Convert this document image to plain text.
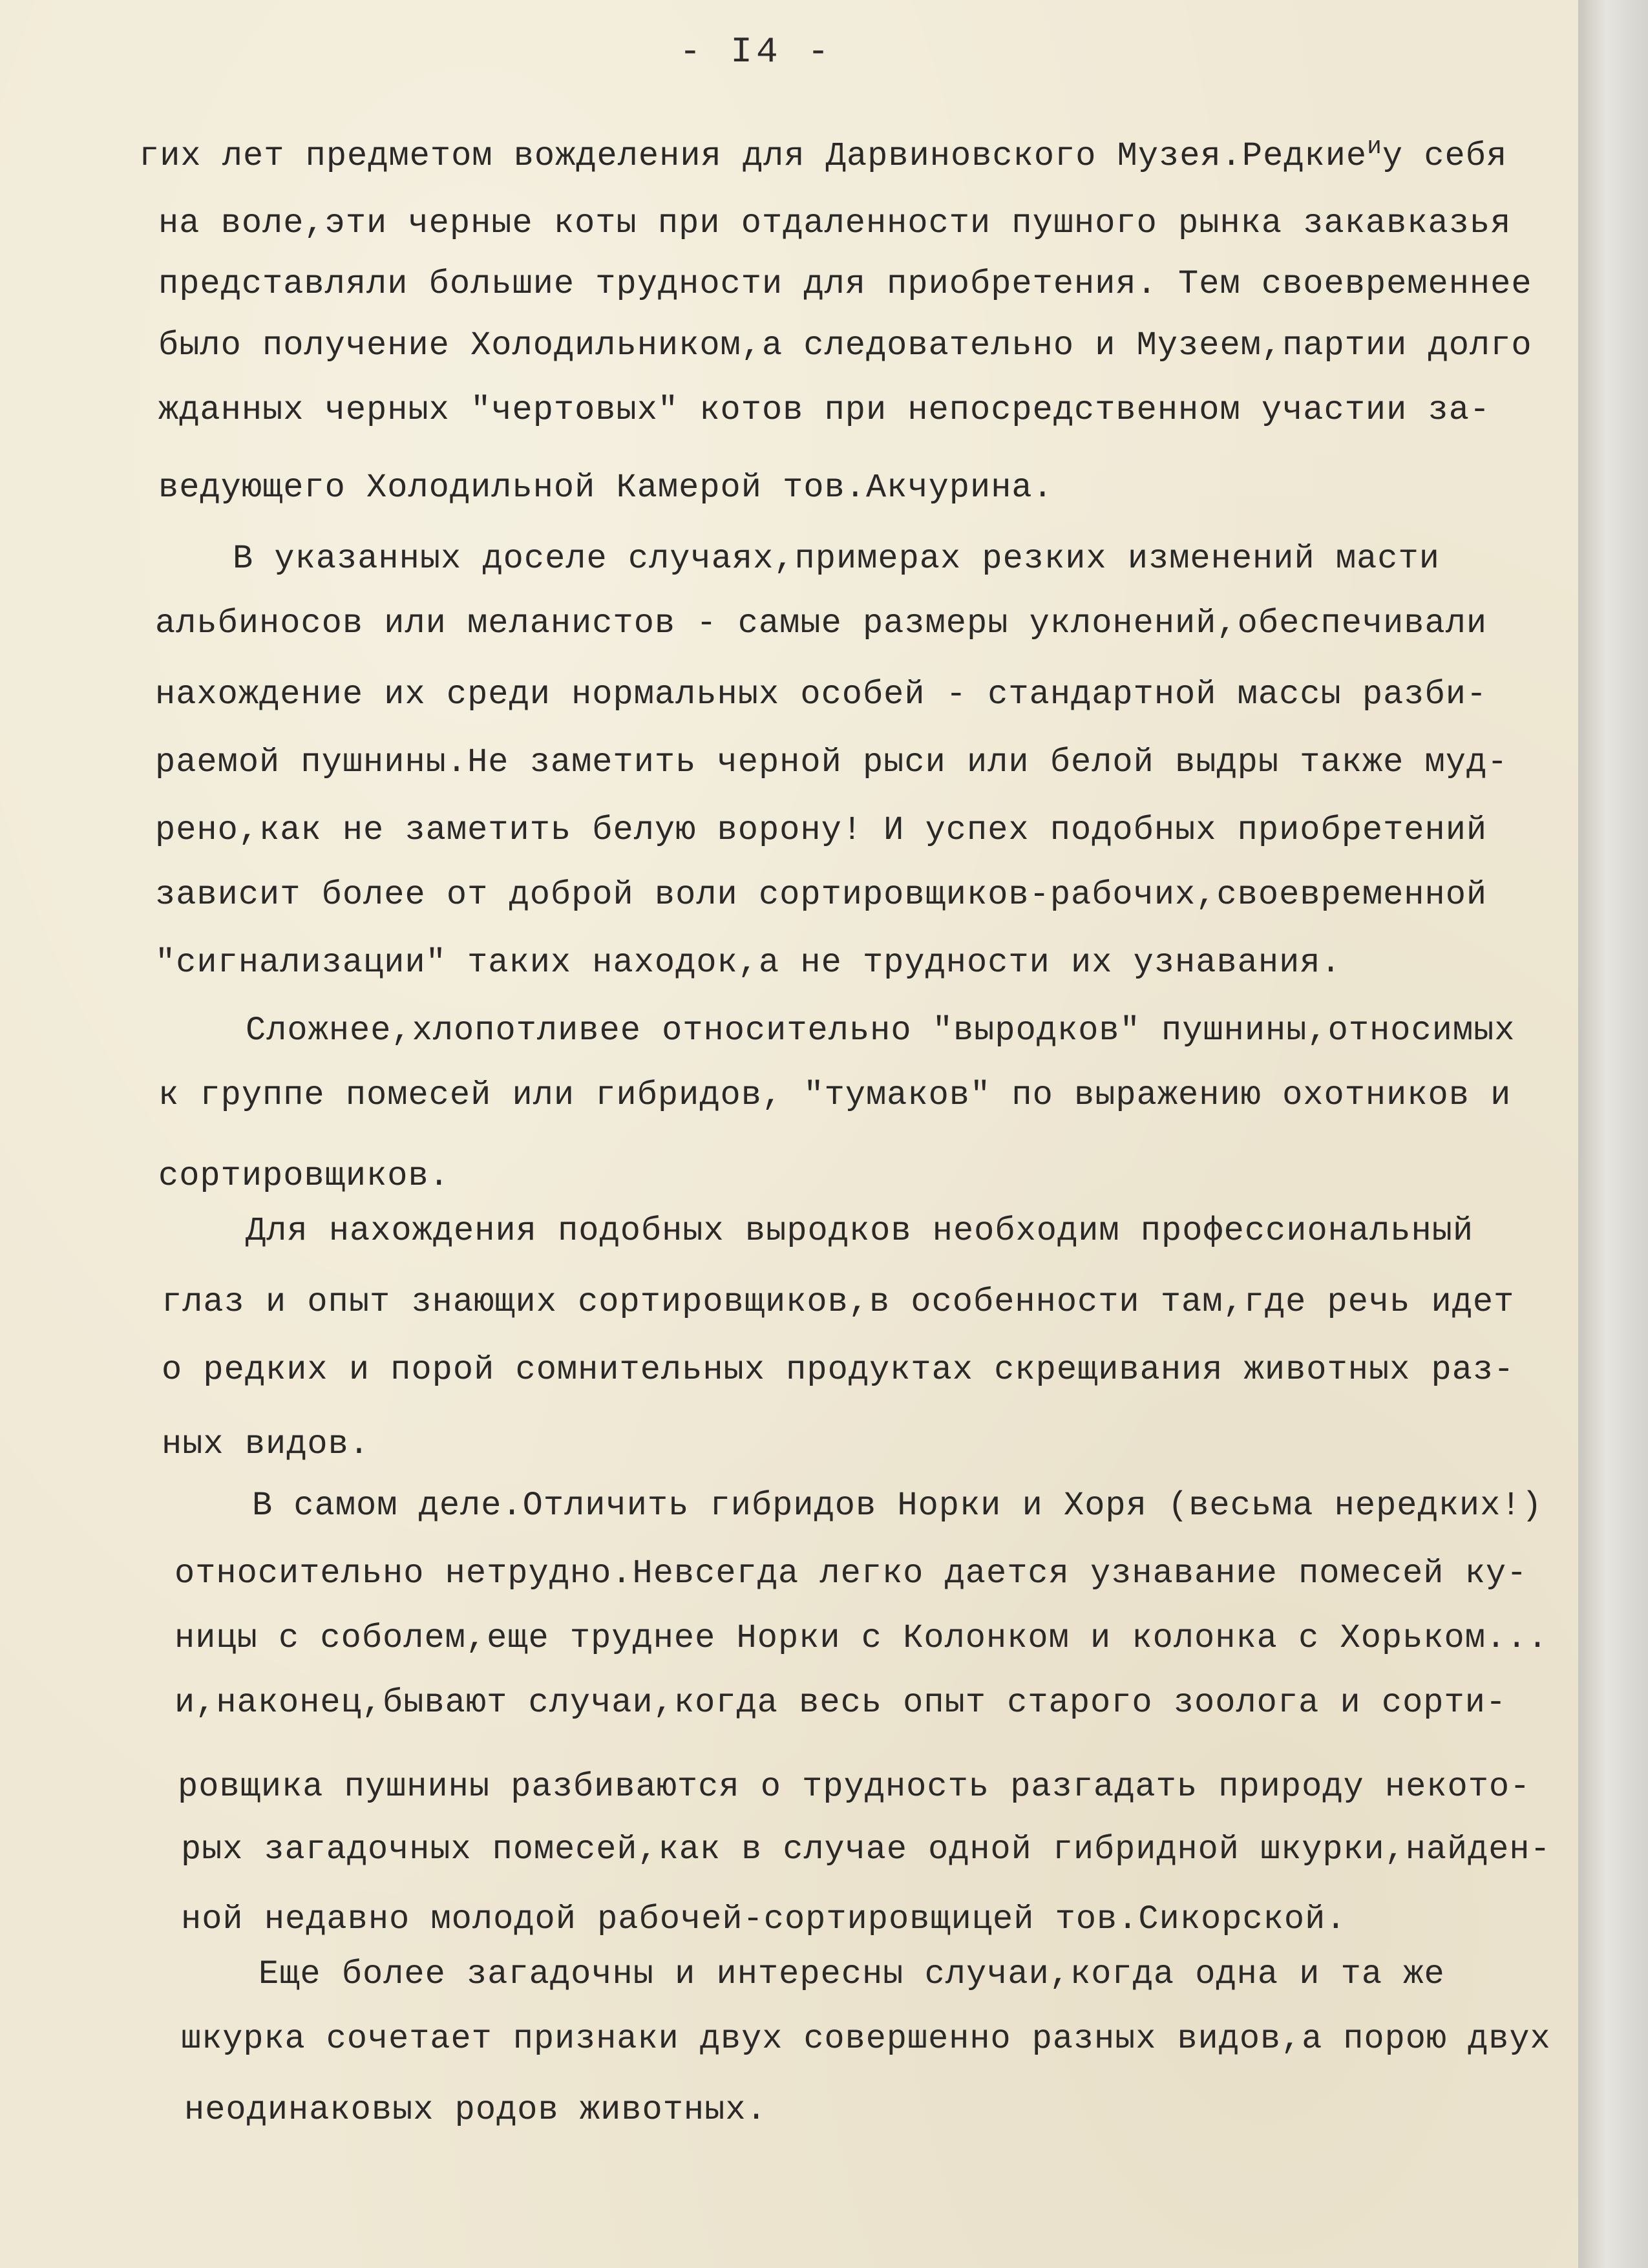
- I4 -
гих лет предметом вожделения для Дарвиновского Музея.Редкие$^и$у себя
на воле,эти черные коты при отдаленности пушного рынка закавказья
представляли большие трудности для приобретения. Тем своевременнее
было получение Холодильником,а следовательно и Музеем,партии долго
жданных черных "чертовых" котов при непосредственном участии за-
ведующего Холодильной Камерой тов.Акчурина.
В указанных доселе случаях,примерах резких изменений масти
альбиносов или меланистов - самые размеры уклонений,обеспечивали
нахождение их среди нормальных особей - стандартной массы разби-
раемой пушнины.Не заметить черной рыси или белой выдры также муд-
рено,как не заметить белую ворону! И успех подобных приобретений
зависит более от доброй воли сортировщиков-рабочих,своевременной
"сигнализации" таких находок,а не трудности их узнавания.
Сложнее,хлопотливее относительно "выродков" пушнины,относимых
к группе помесей или гибридов, "тумаков" по выражению охотников и
сортировщиков.
Для нахождения подобных выродков необходим профессиональный
глаз и опыт знающих сортировщиков,в особенности там,где речь идет
о редких и порой сомнительных продуктах скрещивания животных раз-
ных видов.
В самом деле.Отличить гибридов Норки и Хоря (весьма нередких!)
относительно нетрудно.Невсегда легко дается узнавание помесей ку-
ницы с соболем,еще труднее Норки с Колонком и колонка с Хорьком...
и,наконец,бывают случаи,когда весь опыт старого зоолога и сорти-
ровщика пушнины разбиваются о трудность разгадать природу некото-
рых загадочных помесей,как в случае одной гибридной шкурки,найден-
ной недавно молодой рабочей-сортировщицей тов.Сикорской.
Еще более загадочны и интересны случаи,когда одна и та же
шкурка сочетает признаки двух совершенно разных видов,а порою двух
неодинаковых родов животных.
